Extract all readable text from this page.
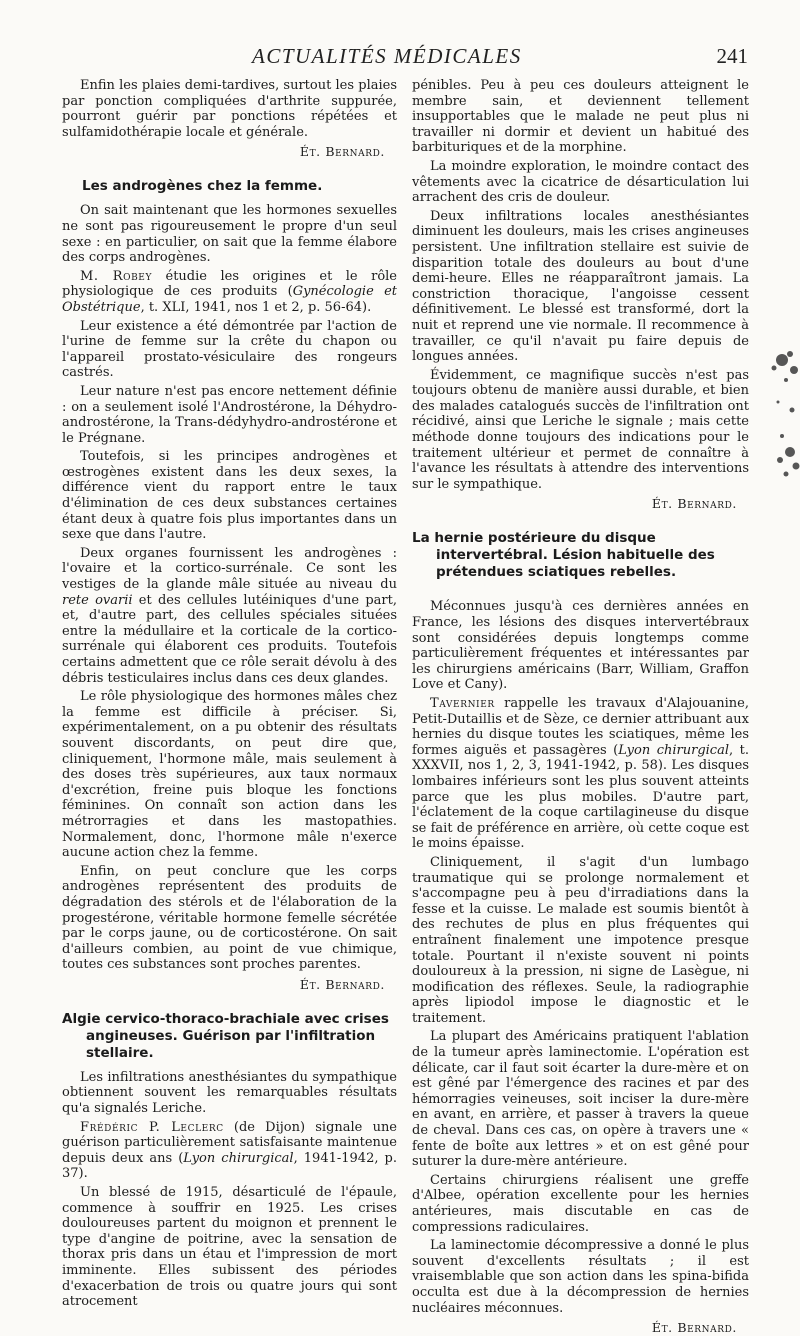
ACTUALITÉS MÉDICALES	241

Enfin les plaies demi-tardives, surtout les plaies par ponction compliquées d'arthrite suppurée, pourront guérir par ponctions répétées et sulfamidothérapie locale et générale.

Ét. Bernard.
Les androgènes chez la femme.

On sait maintenant que les hormones sexuelles ne sont pas rigoureusement le propre d'un seul sexe : en particulier, on sait que la femme élabore des corps androgènes.

M. Robey étudie les origines et le rôle physiologique de ces produits (Gynécologie et Obstétrique, t. XLI, 1941, nos 1 et 2, p. 56-64).

Leur existence a été démontrée par l'action de l'urine de femme sur la crête du chapon ou l'appareil prostato-vésiculaire des rongeurs castrés.

Leur nature n'est pas encore nettement définie : on a seulement isolé l'Androstérone, la Déhydro-androstérone, la Trans-dédyhydro-androstérone et le Prégnane.

Toutefois, si les principes androgènes et œstrogènes existent dans les deux sexes, la différence vient du rapport entre le taux d'élimination de ces deux substances certaines étant deux à quatre fois plus importantes dans un sexe que dans l'autre.

Deux organes fournissent les androgènes : l'ovaire et la cortico-surrénale. Ce sont les vestiges de la glande mâle située au niveau du rete ovarii et des cellules lutéiniques d'une part, et, d'autre part, des cellules spéciales situées entre la médullaire et la corticale de la cortico-surrénale qui élaborent ces produits. Toutefois certains admettent que ce rôle serait dévolu à des débris testiculaires inclus dans ces deux glandes.

Le rôle physiologique des hormones mâles chez la femme est difficile à préciser. Si, expérimentalement, on a pu obtenir des résultats souvent discordants, on peut dire que, cliniquement, l'hormone mâle, mais seulement à des doses très supérieures, aux taux normaux d'excrétion, freine puis bloque les fonctions féminines. On connaît son action dans les métrorragies et dans les mastopathies. Normalement, donc, l'hormone mâle n'exerce aucune action chez la femme.

Enfin, on peut conclure que les corps androgènes représentent des produits de dégradation des stérols et de l'élaboration de la progestérone, véritable hormone femelle sécrétée par le corps jaune, ou de corticostérone. On sait d'ailleurs combien, au point de vue chimique, toutes ces substances sont proches parentes.

Ét. Bernard.
Algie cervico-thoraco-brachiale avec crises angineuses. Guérison par l'infiltration stellaire.

Les infiltrations anesthésiantes du sympathique obtiennent souvent les remarquables résultats qu'a signalés Leriche.

Frédéric P. Leclerc (de Dijon) signale une guérison particulièrement satisfaisante maintenue depuis deux ans (Lyon chirurgical, 1941-1942, p. 37).

Un blessé de 1915, désarticulé de l'épaule, commence à souffrir en 1925. Les crises douloureuses partent du moignon et prennent le type d'angine de poitrine, avec la sensation de thorax pris dans un étau et l'impression de mort imminente. Elles subissent des périodes d'exacerbation de trois ou quatre jours qui sont atrocement

pénibles. Peu à peu ces douleurs atteignent le membre sain, et deviennent tellement insupportables que le malade ne peut plus ni travailler ni dormir et devient un habitué des barbituriques et de la morphine.

La moindre exploration, le moindre contact des vêtements avec la cicatrice de désarticulation lui arrachent des cris de douleur.

Deux infiltrations locales anesthésiantes diminuent les douleurs, mais les crises angineuses persistent. Une infiltration stellaire est suivie de disparition totale des douleurs au bout d'une demi-heure. Elles ne réapparaîtront jamais. La constriction thoracique, l'angoisse cessent définitivement. Le blessé est transformé, dort la nuit et reprend une vie normale. Il recommence à travailler, ce qu'il n'avait pu faire depuis de longues années.

Évidemment, ce magnifique succès n'est pas toujours obtenu de manière aussi durable, et bien des malades catalogués succès de l'infiltration ont récidivé, ainsi que Leriche le signale ; mais cette méthode donne toujours des indications pour le traitement ultérieur et permet de connaître à l'avance les résultats à attendre des interventions sur le sympathique.

Ét. Bernard.
La hernie postérieure du disque intervertébral. Lésion habituelle des prétendues sciatiques rebelles.

Méconnues jusqu'à ces dernières années en France, les lésions des disques intervertébraux sont considérées depuis longtemps comme particulièrement fréquentes et intéressantes par les chirurgiens américains (Barr, William, Graffon Love et Cany).

Tavernier rappelle les travaux d'Alajouanine, Petit-Dutaillis et de Sèze, ce dernier attribuant aux hernies du disque toutes les sciatiques, même les formes aiguës et passagères (Lyon chirurgical, t. XXXVII, nos 1, 2, 3, 1941-1942, p. 58). Les disques lombaires inférieurs sont les plus souvent atteints parce que les plus mobiles. D'autre part, l'éclatement de la coque cartilagineuse du disque se fait de préférence en arrière, où cette coque est le moins épaisse.

Cliniquement, il s'agit d'un lumbago traumatique qui se prolonge normalement et s'accompagne peu à peu d'irradiations dans la fesse et la cuisse. Le malade est soumis bientôt à des rechutes de plus en plus fréquentes qui entraînent finalement une impotence presque totale. Pourtant il n'existe souvent ni points douloureux à la pression, ni signe de Lasègue, ni modification des réflexes. Seule, la radiographie après lipiodol impose le diagnostic et le traitement.

La plupart des Américains pratiquent l'ablation de la tumeur après laminectomie. L'opération est délicate, car il faut soit écarter la dure-mère et on est gêné par l'émergence des racines et par des hémorragies veineuses, soit inciser la dure-mère en avant, en arrière, et passer à travers la queue de cheval. Dans ces cas, on opère à travers une « fente de boîte aux lettres » et on est gêné pour suturer la dure-mère antérieure.

Certains chirurgiens réalisent une greffe d'Albee, opération excellente pour les hernies antérieures, mais discutable en cas de compressions radiculaires.

La laminectomie décompressive a donné le plus souvent d'excellents résultats ; il est vraisemblable que son action dans les spina-bifida occulta est due à la décompression de hernies nucléaires méconnues.

Ét. Bernard.
